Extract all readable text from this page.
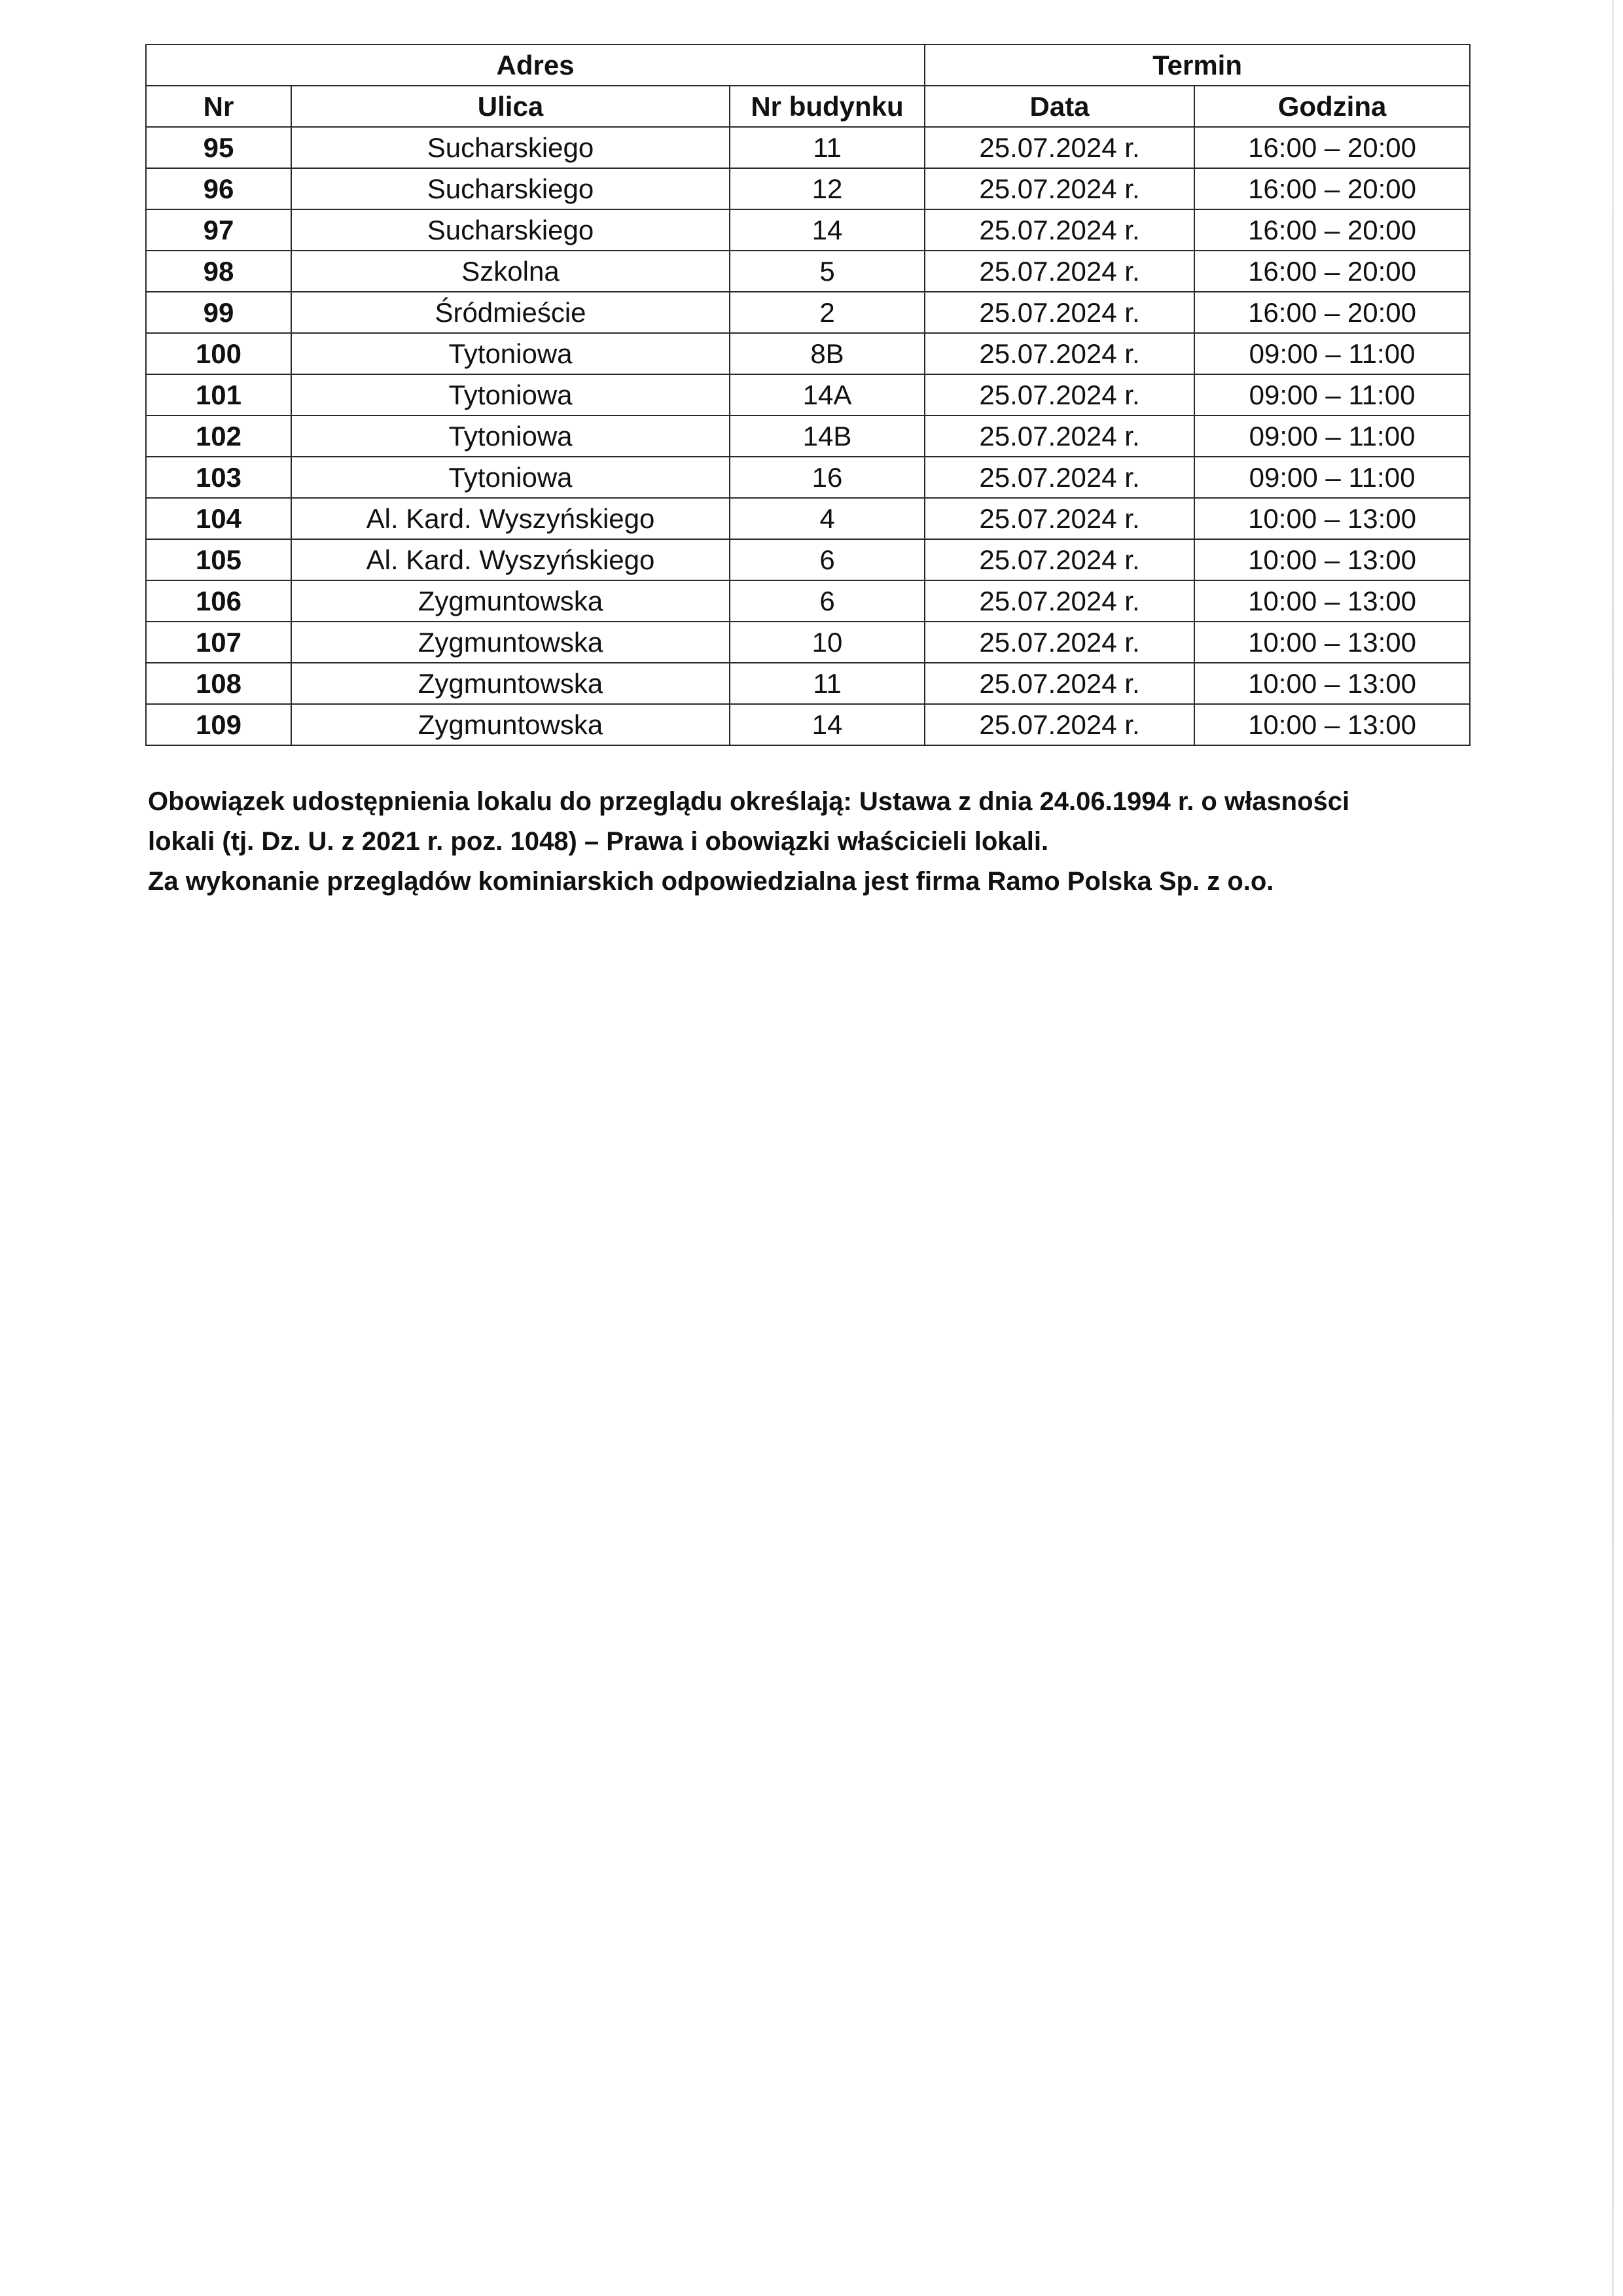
Adres			Termin	
Nr	Ulica	Nr budynku	Data	Godzina
95	Sucharskiego	11	25.07.2024 r.	16:00 – 20:00
96	Sucharskiego	12	25.07.2024 r.	16:00 – 20:00
97	Sucharskiego	14	25.07.2024 r.	16:00 – 20:00
98	Szkolna	5	25.07.2024 r.	16:00 – 20:00
99	Śródmieście	2	25.07.2024 r.	16:00 – 20:00
100	Tytoniowa	8B	25.07.2024 r.	09:00 – 11:00
101	Tytoniowa	14A	25.07.2024 r.	09:00 – 11:00
102	Tytoniowa	14B	25.07.2024 r.	09:00 – 11:00
103	Tytoniowa	16	25.07.2024 r.	09:00 – 11:00
104	Al. Kard. Wyszyńskiego	4	25.07.2024 r.	10:00 – 13:00
105	Al. Kard. Wyszyńskiego	6	25.07.2024 r.	10:00 – 13:00
106	Zygmuntowska	6	25.07.2024 r.	10:00 – 13:00
107	Zygmuntowska	10	25.07.2024 r.	10:00 – 13:00
108	Zygmuntowska	11	25.07.2024 r.	10:00 – 13:00
109	Zygmuntowska	14	25.07.2024 r.	10:00 – 13:00

Obowiązek udostępnienia lokalu do przeglądu określają: Ustawa z dnia 24.06.1994 r. o własności

lokali (tj. Dz. U. z 2021 r. poz. 1048) – Prawa i obowiązki właścicieli lokali.

Za wykonanie przeglądów kominiarskich odpowiedzialna jest firma Ramo Polska Sp. z o.o.
